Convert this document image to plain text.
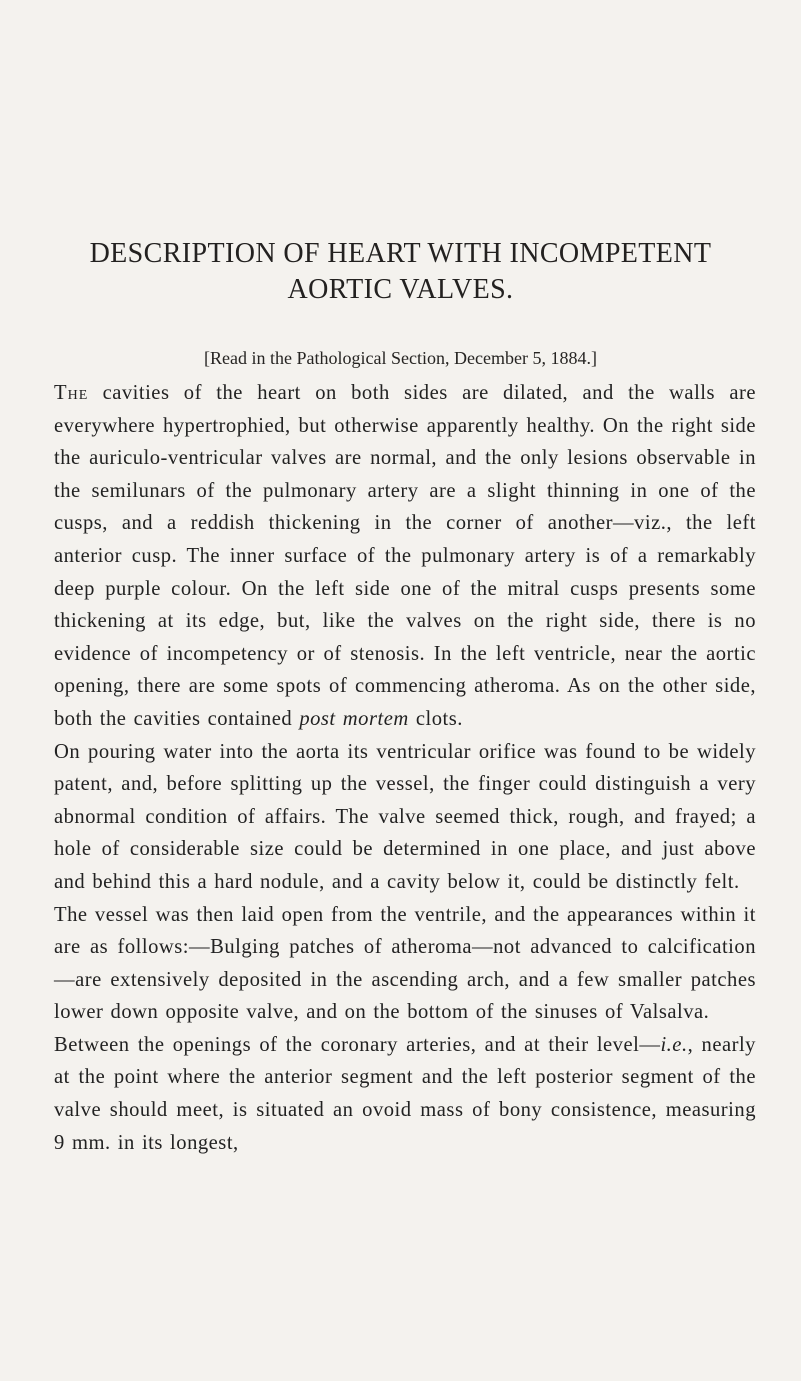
DESCRIPTION OF HEART WITH INCOMPETENT
AORTIC VALVES.
[Read in the Pathological Section, December 5, 1884.]

The cavities of the heart on both sides are dilated, and the walls are everywhere hypertrophied, but otherwise apparently healthy. On the right side the auriculo-ventricular valves are normal, and the only lesions observable in the semilunars of the pulmonary artery are a slight thinning in one of the cusps, and a reddish thickening in the corner of another—viz., the left anterior cusp. The inner surface of the pulmonary artery is of a remarkably deep purple colour. On the left side one of the mitral cusps presents some thickening at its edge, but, like the valves on the right side, there is no evidence of incompetency or of stenosis. In the left ventricle, near the aortic opening, there are some spots of commencing atheroma. As on the other side, both the cavities contained post mortem clots.

On pouring water into the aorta its ventricular orifice was found to be widely patent, and, before splitting up the vessel, the finger could distinguish a very abnormal condition of affairs. The valve seemed thick, rough, and frayed; a hole of considerable size could be determined in one place, and just above and behind this a hard nodule, and a cavity below it, could be distinctly felt.

The vessel was then laid open from the ventrile, and the appearances within it are as follows:—Bulging patches of atheroma—not advanced to calcification—are extensively deposited in the ascending arch, and a few smaller patches lower down opposite valve, and on the bottom of the sinuses of Valsalva.

Between the openings of the coronary arteries, and at their level—i.e., nearly at the point where the anterior segment and the left posterior segment of the valve should meet, is situated an ovoid mass of bony consistence, measuring 9 mm. in its longest,
